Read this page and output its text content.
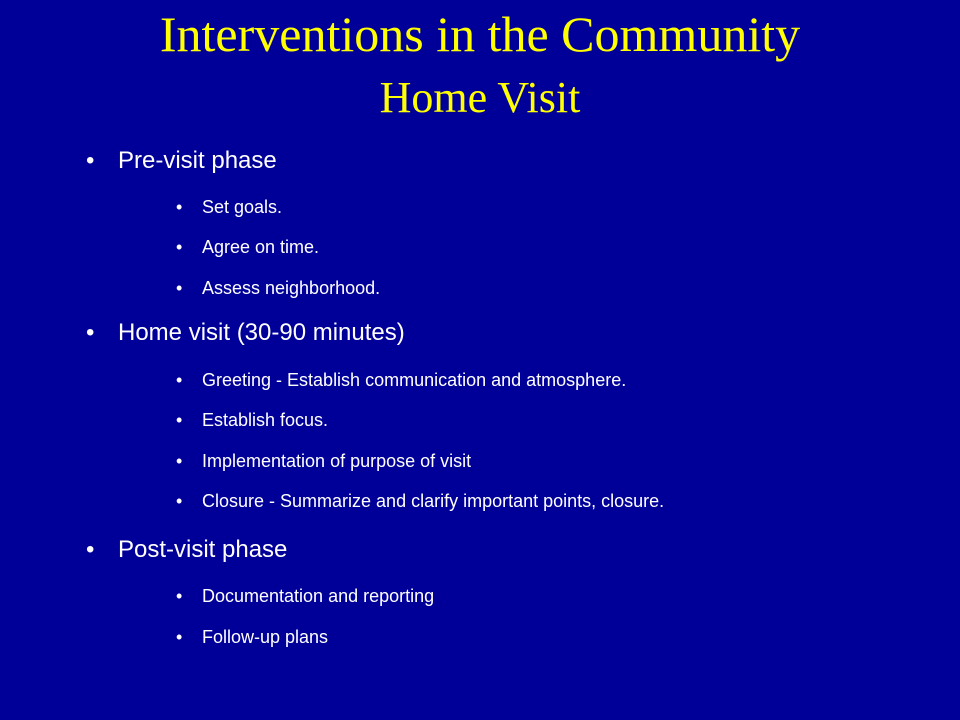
Interventions in the Community
Home Visit
• Pre-visit phase
• Set goals.
• Agree on time.
• Assess neighborhood.
• Home visit (30-90 minutes)
• Greeting - Establish communication and atmosphere.
• Establish focus.
• Implementation of purpose of visit
• Closure - Summarize and clarify important points, closure.
• Post-visit phase
• Documentation and reporting
• Follow-up plans
